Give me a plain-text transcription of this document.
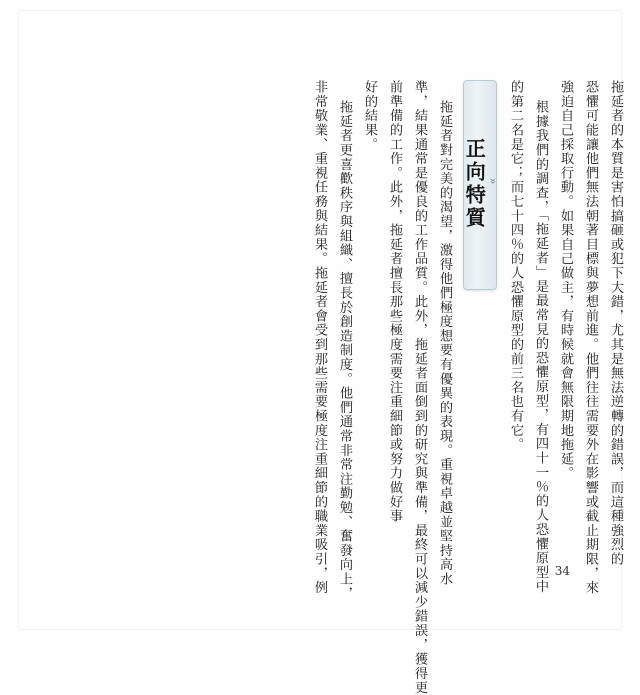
拖延者的本質是害怕搞砸或犯下大錯，尤其是無法逆轉的錯誤，而這種強烈的
恐懼可能讓他們無法朝著目標與夢想前進。他們往往需要外在影響或截止期限，來
強迫自己採取行動。如果自己做主，有時候就會無限期地拖延。
根據我們的調查，「拖延者」是最常見的恐懼原型，有四十一％的人恐懼原型中
的第二名是它；而七十四％的人恐懼原型的前三名也有它。
»
正向特質
拖延者對完美的渴望，激得他們極度想要有優異的表現。重視卓越並堅持高水
準，結果通常是優良的工作品質。此外，拖延者面倒到的研究與準備，最終可以減少錯誤，獲得更
前準備的工作。此外，拖延者擅長那些極度需要注重細節或努力做好事
好的結果。
拖延者更喜歡秩序與組織、擅長於創造制度。他們通常非常注勤勉、奮發向上，
非常敬業、重視任務與結果。拖延者會受到那些需要極度注重細節的職業吸引，例	34
